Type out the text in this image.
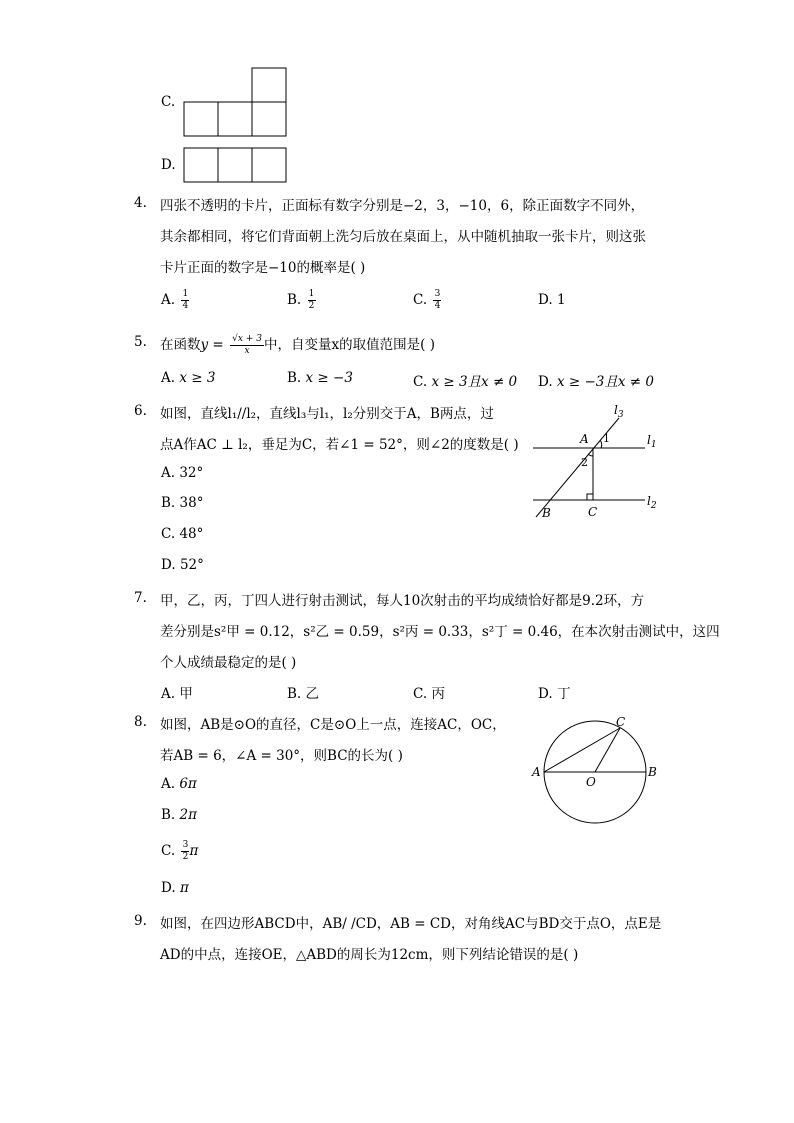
C.
D.
4. 四张不透明的卡片，正面标有数字分别是−2，3，−10，6，除正面数字不同外，
其余都相同，将它们背面朝上洗匀后放在桌面上，从中随机抽取一张卡片，则这张
卡片正面的数字是−10的概率是( )
A. $\frac{1}{4}$	B. $\frac{1}{2}$	C. $\frac{3}{4}$	D. 1
5. 在函数$y = \frac{√x + 3}{x}$ 中，自变量x的取值范围是( )
A. x ≥ 3	B. x ≥ −3	C. x ≥ 3且x ≠ 0 D. x ≥ −3且x ≠ 0
6. 如图，直线l₁//l₂，直线l₃与l₁，l₂分别交于A，B两点，过
点A作AC ⊥ l₂，垂足为C，若∠1 = 52°，则∠2的度数是( )
A. 32°
B. 38°
C. 48°
D. 52°
$l_3$
$l_1$
$l_2$
A
B	C
1
2
7. 甲，乙，丙，丁四人进行射击测试，每人10次射击的平均成绩恰好都是9.2环，方
差分别是s²甲 = 0.12，s²乙 = 0.59，s²丙 = 0.33，s²丁 = 0.46，在本次射击测试中，这四
个人成绩最稳定的是( )
A. 甲	B. 乙	C. 丙	D. 丁
8. 如图，AB是⊙O的直径，C是⊙O上一点，连接AC，OC，
若AB = 6，∠A = 30°，则BC的长为( )
A. 6π
B. 2π
C. $\frac{3}{2}$ π
D. π
A	B
C
O
9. 如图，在四边形ABCD中，AB/ /CD，AB = CD，对角线AC与BD交于点O，点E是
AD的中点，连接OE，△ABD的周长为12cm，则下列结论错误的是( )
